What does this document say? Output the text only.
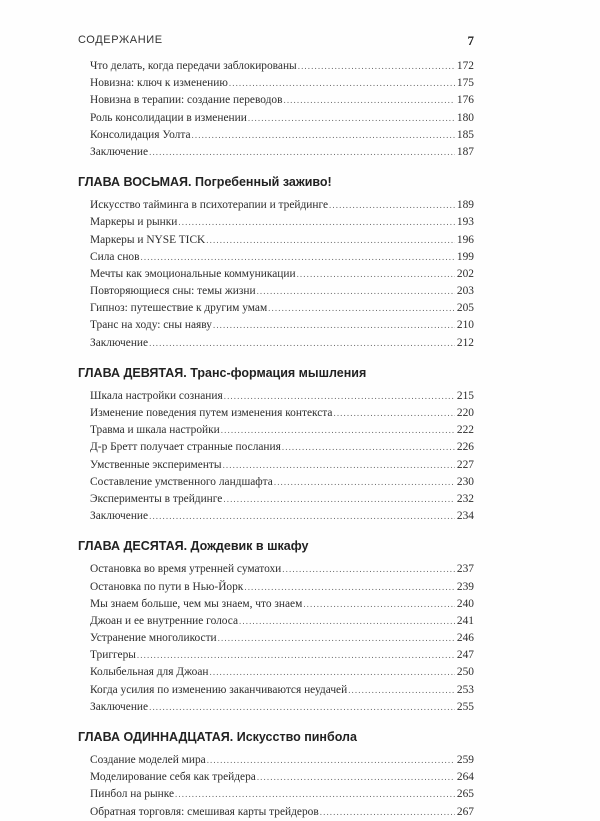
СОДЕРЖАНИЕ	7
Что делать, когда передачи заблокированы .....	172
Новизна: ключ к изменению .....	175
Новизна в терапии: создание переводов .....	176
Роль консолидации в изменении .....	180
Консолидация Уолта .....	185
Заключение .....	187
ГЛАВА ВОСЬМАЯ. Погребенный заживо!
Искусство тайминга в психотерапии и трейдинге .....	189
Маркеры и рынки .....	193
Маркеры и NYSE TICK .....	196
Сила снов .....	199
Мечты как эмоциональные коммуникации .....	202
Повторяющиеся сны: темы жизни .....	203
Гипноз: путешествие к другим умам .....	205
Транс на ходу: сны наяву .....	210
Заключение .....	212
ГЛАВА ДЕВЯТАЯ. Транс-формация мышления
Шкала настройки сознания .....	215
Изменение поведения путем изменения контекста .....	220
Травма и шкала настройки .....	222
Д-р Бретт получает странные послания .....	226
Умственные эксперименты .....	227
Составление умственного ландшафта .....	230
Эксперименты в трейдинге .....	232
Заключение .....	234
ГЛАВА ДЕСЯТАЯ. Дождевик в шкафу
Остановка во время утренней суматохи .....	237
Остановка по пути в Нью-Йорк .....	239
Мы знаем больше, чем мы знаем, что знаем .....	240
Джоан и ее внутренние голоса .....	241
Устранение многоликости .....	246
Триггеры .....	247
Колыбельная для Джоан .....	250
Когда усилия по изменению заканчиваются неудачей .....	253
Заключение .....	255
ГЛАВА ОДИННАДЦАТАЯ. Искусство пинбола
Создание моделей мира .....	259
Моделирование себя как трейдера .....	264
Пинбол на рынке .....	265
Обратная торговля: смешивая карты трейдеров .....	267
